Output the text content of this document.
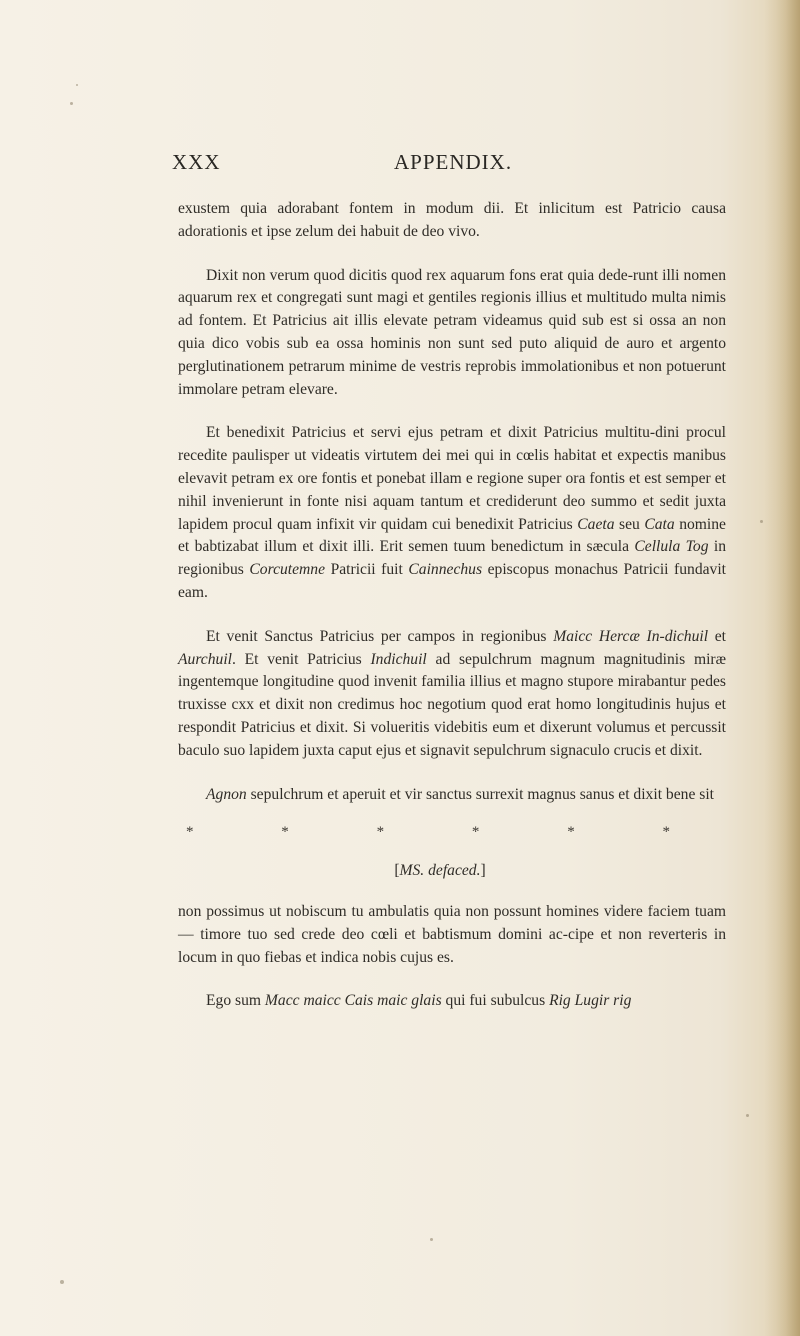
XXX	APPENDIX.

exustem quia adorabant fontem in modum dii. Et inlicitum est Patricio causa adorationis et ipse zelum dei habuit de deo vivo.

Dixit non verum quod dicitis quod rex aquarum fons erat quia dede-runt illi nomen aquarum rex et congregati sunt magi et gentiles regionis illius et multitudo multa nimis ad fontem. Et Patricius ait illis elevate petram videamus quid sub est si ossa an non quia dico vobis sub ea ossa hominis non sunt sed puto aliquid de auro et argento perglutinationem petrarum minime de vestris reprobis immolationibus et non potuerunt immolare petram elevare.

Et benedixit Patricius et servi ejus petram et dixit Patricius multitu-dini procul recedite paulisper ut videatis virtutem dei mei qui in cœlis habitat et expectis manibus elevavit petram ex ore fontis et ponebat illam e regione super ora fontis et est semper et nihil invenierunt in fonte nisi aquam tantum et crediderunt deo summo et sedit juxta lapidem procul quam infixit vir quidam cui benedixit Patricius Caeta seu Cata nomine et babtizabat illum et dixit illi. Erit semen tuum benedictum in sæcula Cellula Tog in regionibus Corcutemne Patricii fuit Cainnechus episcopus monachus Patricii fundavit eam.

Et venit Sanctus Patricius per campos in regionibus Maicc Hercæ In-dichuil et Aurchuil. Et venit Patricius Indichuil ad sepulchrum magnum magnitudinis miræ ingentemque longitudine quod invenit familia illius et magno stupore mirabantur pedes truxisse cxx et dixit non credimus hoc negotium quod erat homo longitudinis hujus et respondit Patricius et dixit. Si volueritis videbitis eum et dixerunt volumus et percussit baculo suo lapidem juxta caput ejus et signavit sepulchrum signaculo crucis et dixit.

Agnon sepulchrum et aperuit et vir sanctus surrexit magnus sanus et dixit bene sit

*	*	*	*	*	*

[MS. defaced.]

non possimus ut nobiscum tu ambulatis quia non possunt homines videre faciem tuam — timore tuo sed crede deo cœli et babtismum domini ac-cipe et non reverteris in locum in quo fiebas et indica nobis cujus es.

Ego sum Macc maicc Cais maic glais qui fui subulcus Rig Lugir rig
